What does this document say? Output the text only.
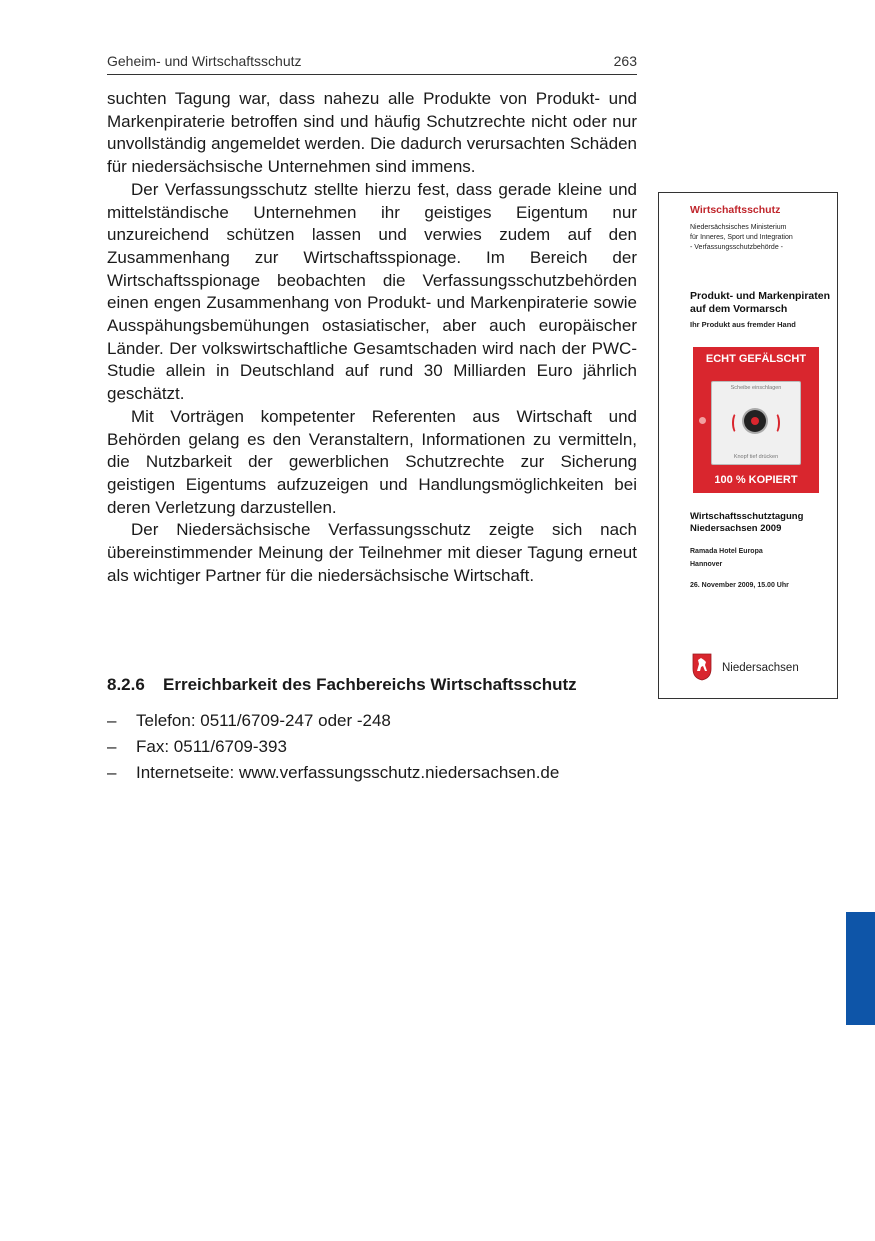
Geheim- und Wirtschaftsschutz	263

suchten Tagung war, dass nahezu alle Produkte von Produkt- und Markenpiraterie betroffen sind und häufig Schutzrechte nicht oder nur unvollständig angemeldet werden. Die dadurch verursachten Schäden für niedersächsische Unternehmen sind immens.

Der Verfassungsschutz stellte hierzu fest, dass gerade kleine und mittelständische Unternehmen ihr geistiges Eigentum nur unzureichend schützen lassen und verwies zudem auf den Zusammenhang zur Wirtschaftsspionage. Im Bereich der Wirtschaftsspionage beobachten die Verfassungsschutzbehörden einen engen Zusammenhang von Produkt- und Markenpiraterie sowie Ausspähungsbemühungen ostasiatischer, aber auch europäischer Länder. Der volkswirtschaftliche Gesamtschaden wird nach der PWC-Studie allein in Deutschland auf rund 30 Milliarden Euro jährlich geschätzt.

Mit Vorträgen kompetenter Referenten aus Wirtschaft und Behörden gelang es den Veranstaltern, Informationen zu vermitteln, die Nutzbarkeit der gewerblichen Schutzrechte zur Sicherung geistigen Eigentums aufzuzeigen und Handlungsmöglichkeiten bei deren Verletzung darzustellen.

Der Niedersächsische Verfassungsschutz zeigte sich nach übereinstimmender Meinung der Teilnehmer mit dieser Tagung erneut als wichtiger Partner für die niedersächsische Wirtschaft.

8.2.6 Erreichbarkeit des Fachbereichs Wirtschaftsschutz
– Telefon: 0511/6709-247 oder -248
– Fax: 0511/6709-393
– Internetseite: www.verfassungsschutz.niedersachsen.de
Wirtschaftsschutz
Niedersächsisches Ministerium
für Inneres, Sport und Integration
- Verfassungsschutzbehörde -
Produkt- und Markenpiraten
auf dem Vormarsch
Ihr Produkt aus fremder Hand
ECHT GEFÄLSCHT
Scheibe einschlagen
Knopf tief drücken
100 % KOPIERT
Wirtschaftsschutztagung
Niedersachsen 2009
Ramada Hotel Europa
Hannover
26. November 2009, 15.00 Uhr
Niedersachsen
